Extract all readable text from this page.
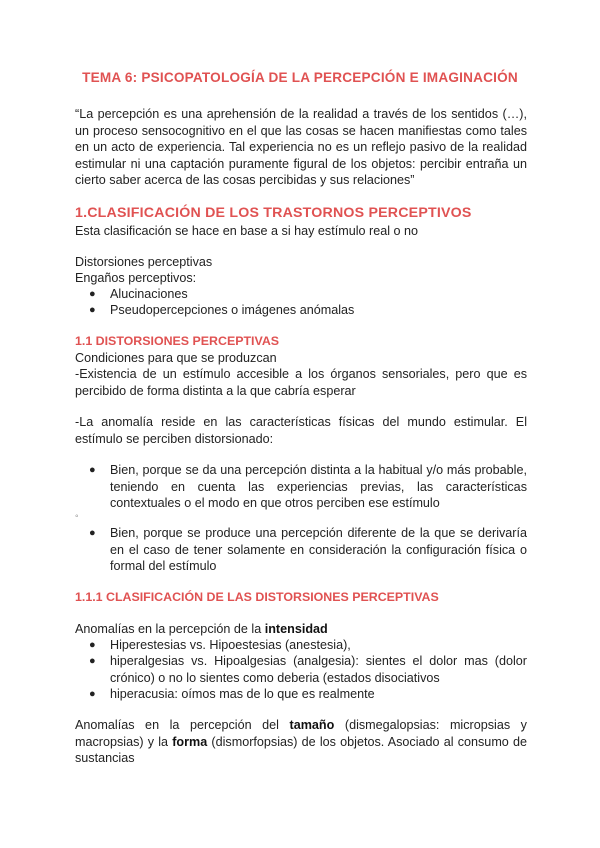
TEMA 6: PSICOPATOLOGÍA DE LA PERCEPCIÓN E IMAGINACIÓN

“La percepción es una aprehensión de la realidad a través de los sentidos (…), un proceso sensocognitivo en el que las cosas se hacen manifiestas como tales en un acto de experiencia. Tal experiencia no es un reflejo pasivo de la realidad estimular ni una captación puramente figural de los objetos: percibir entraña un cierto saber acerca de las cosas percibidas y sus relaciones”

1.CLASIFICACIÓN DE LOS TRASTORNOS PERCEPTIVOS

Esta clasificación se hace en base a si hay estímulo real o no

Distorsiones perceptivas

Engaños perceptivos:

● Alucinaciones

● Pseudopercepciones o imágenes anómalas

1.1 DISTORSIONES PERCEPTIVAS

Condiciones para que se produzcan

-Existencia de un estímulo accesible a los órganos sensoriales, pero que es percibido de forma distinta a la que cabría esperar

-La anomalía reside en las características físicas del mundo estimular. El estímulo se perciben distorsionado:

● Bien, porque se da una percepción distinta a la habitual y/o más probable, teniendo en cuenta las experiencias previas, las características contextuales o el modo en que otros perciben ese estímulo

◦
● Bien, porque se produce una percepción diferente de la que se derivaría en el caso de tener solamente en consideración la configuración física o formal del estímulo

1.1.1 CLASIFICACIÓN DE LAS DISTORSIONES PERCEPTIVAS

Anomalías en la percepción de la intensidad

● Hiperestesias vs. Hipoestesias (anestesia),

● hiperalgesias vs. Hipoalgesias (analgesia): sientes el dolor mas (dolor crónico) o no lo sientes como deberia (estados disociativos

● hiperacusia: oímos mas de lo que es realmente

Anomalías en la percepción del tamaño (dismegalopsias: micropsias y macropsias) y la forma (dismorfopsias) de los objetos. Asociado al consumo de sustancias
